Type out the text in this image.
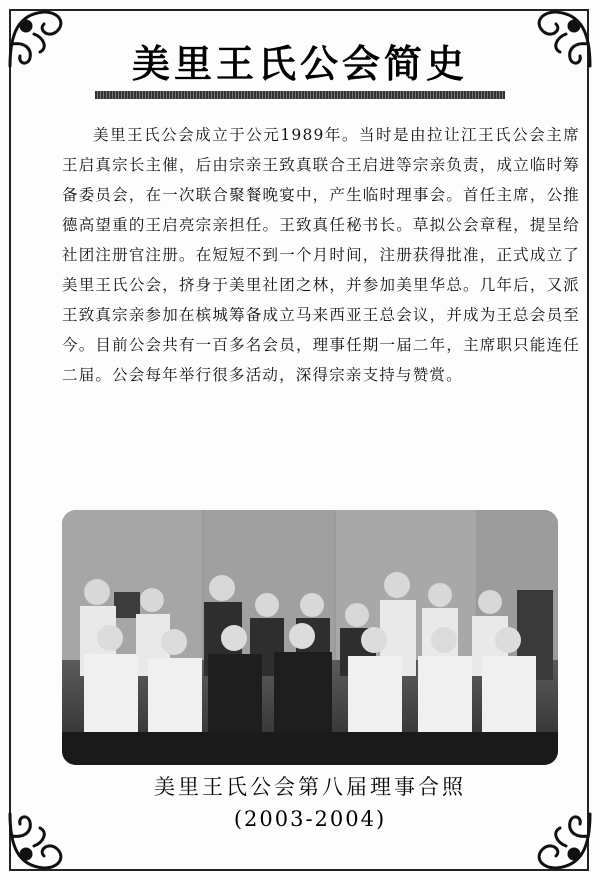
美里王氏公会简史

美里王氏公会成立于公元1989年。当时是由拉让江王氏公会主席王启真宗长主催，后由宗亲王致真联合王启进等宗亲负责，成立临时筹备委员会，在一次联合聚餐晚宴中，产生临时理事会。首任主席，公推德高望重的王启亮宗亲担任。王致真任秘书长。草拟公会章程，提呈给社团注册官注册。在短短不到一个月时间，注册获得批准，正式成立了美里王氏公会，挤身于美里社团之林，并参加美里华总。几年后，又派王致真宗亲参加在槟城筹备成立马来西亚王总会议，并成为王总会员至今。目前公会共有一百多名会员，理事任期一届二年，主席职只能连任二届。公会每年举行很多活动，深得宗亲支持与赞赏。

美里王氏公会第八届理事合照
(2003-2004)
